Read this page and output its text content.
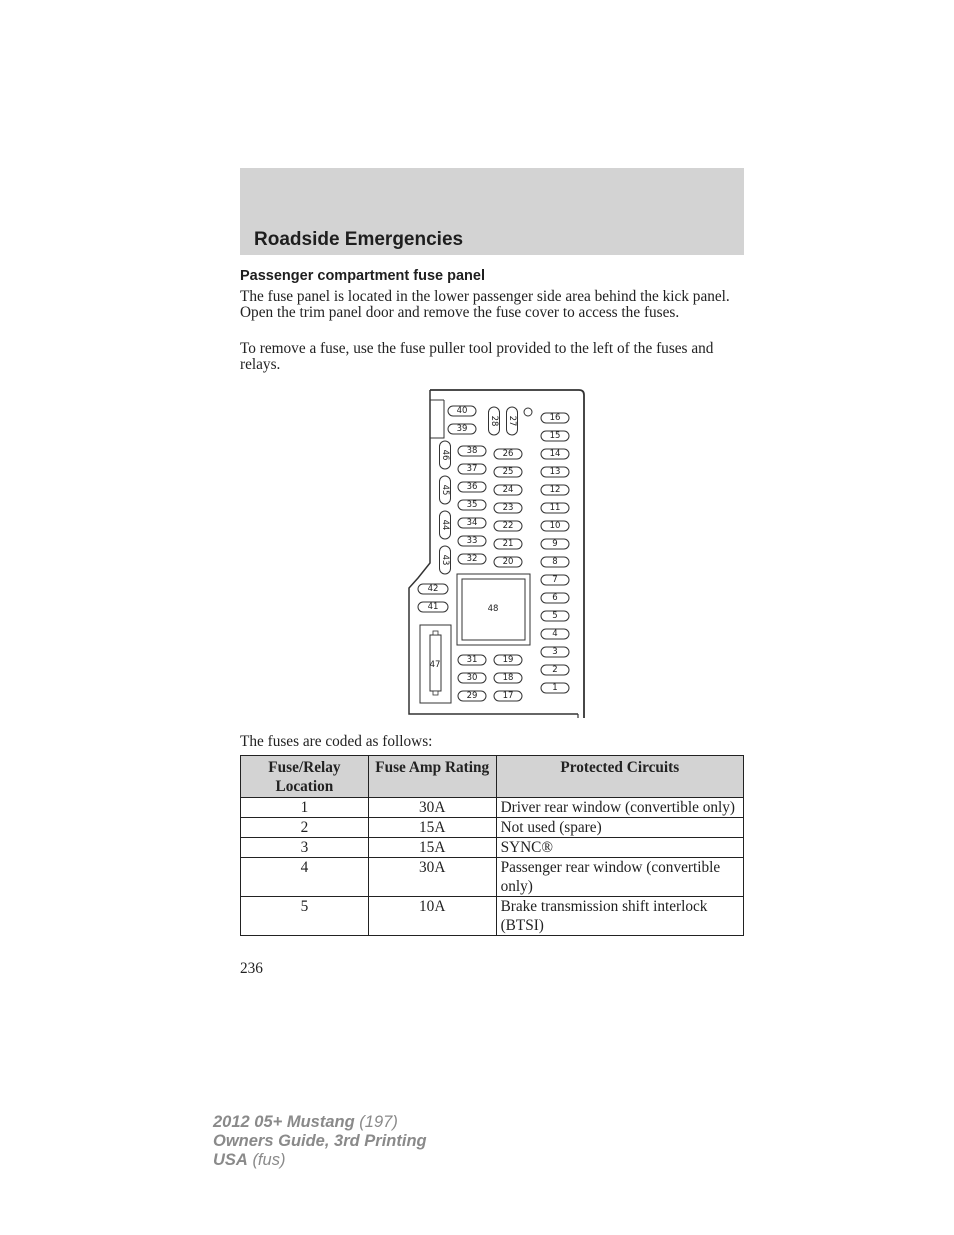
Roadside Emergencies
Passenger compartment fuse panel

The fuse panel is located in the lower passenger side area behind the kick panel. Open the trim panel door and remove the fuse cover to access the fuses.

To remove a fuse, use the fuse puller tool provided to the left of the fuses and relays.

40
39
28 27
46
45
44
43
38
37
36
35
34
33
32
26
25
24
23
22
21
20
16
15
14
13
12
11
10
9
8
7
6
5
4
3
2
1
42
41	48
47	31
30
29
19
18
17
The fuses are coded as follows:
Fuse/Relay Location	Fuse Amp Rating	Protected Circuits
1	30A	Driver rear window (convertible only)
2	15A	Not used (spare)
3	15A	SYNC®
4	30A	Passenger rear window (convertible only)
5	10A	Brake transmission shift interlock (BTSI)
236
2012 05+ Mustang (197)
Owners Guide, 3rd Printing
USA (fus)
